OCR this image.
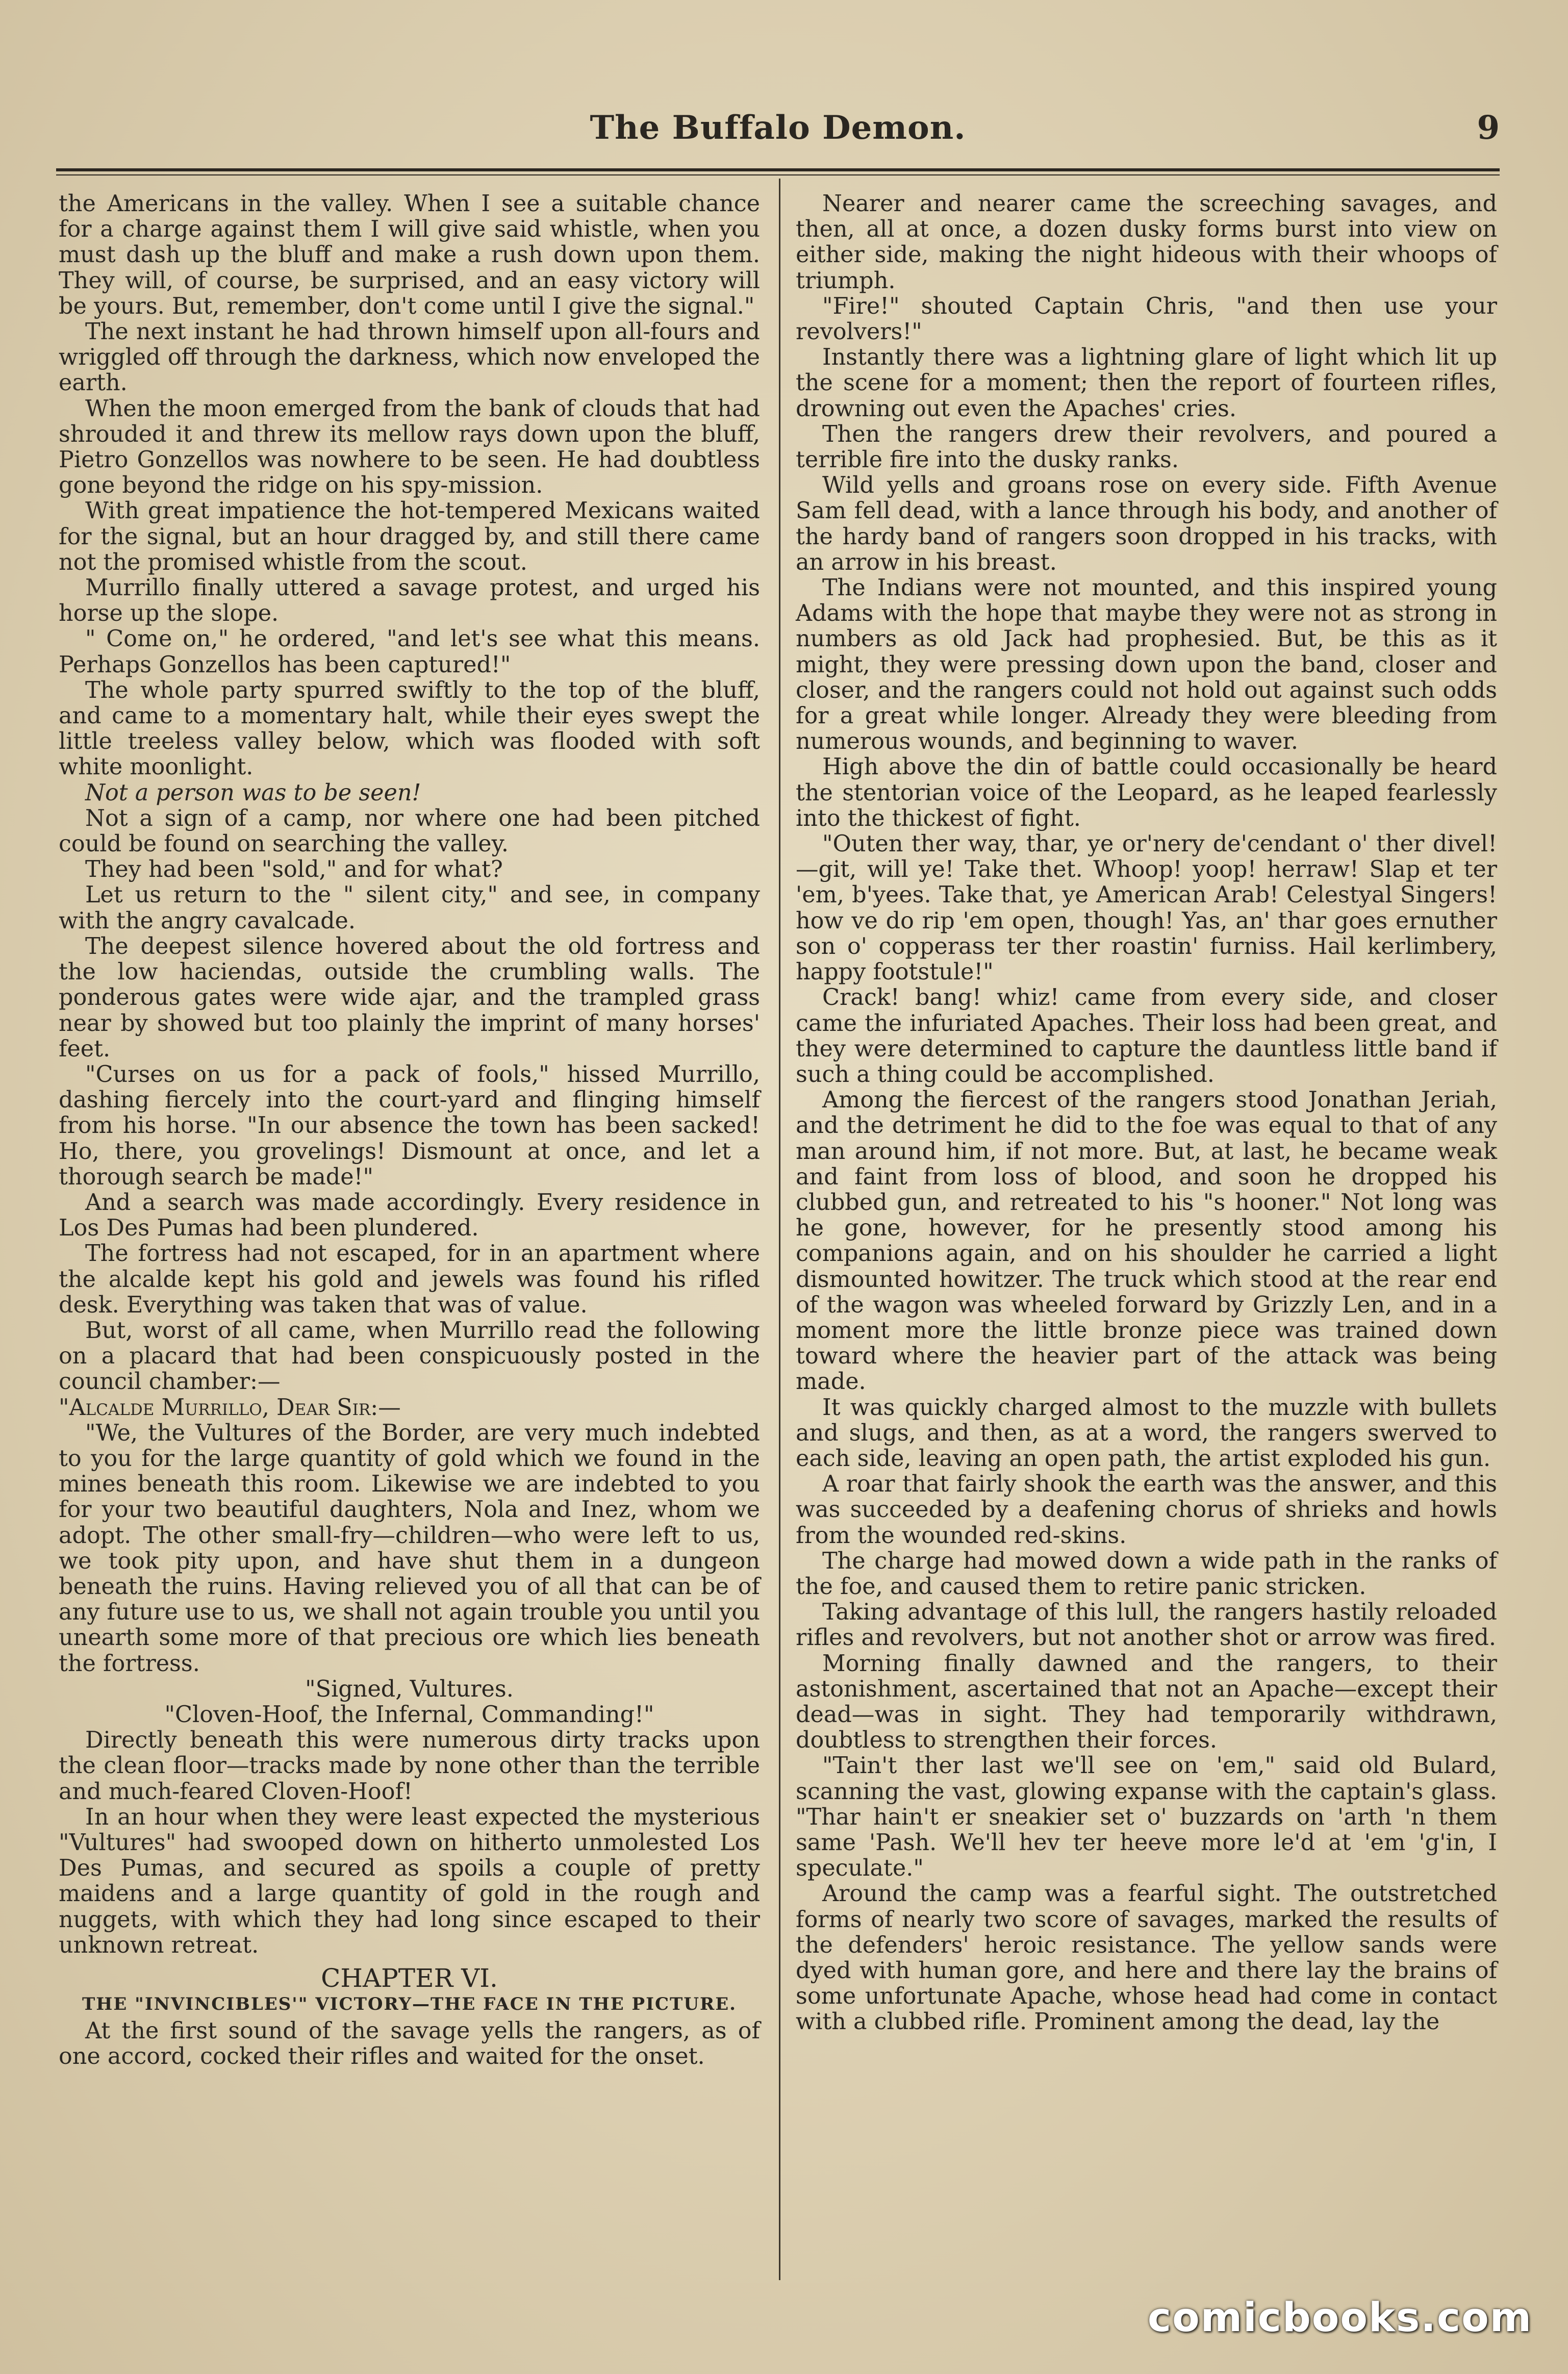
The Buffalo Demon.	9

the Americans in the valley. When I see a suitable chance for a charge against them I will give said whistle, when you must dash up the bluff and make a rush down upon them. They will, of course, be surprised, and an easy victory will be yours. But, remember, don't come until I give the signal."

The next instant he had thrown himself upon all-fours and wriggled off through the darkness, which now enveloped the earth.

When the moon emerged from the bank of clouds that had shrouded it and threw its mellow rays down upon the bluff, Pietro Gonzellos was nowhere to be seen. He had doubtless gone beyond the ridge on his spy-mission.

With great impatience the hot-tempered Mexicans waited for the signal, but an hour dragged by, and still there came not the promised whistle from the scout.

Murrillo finally uttered a savage protest, and urged his horse up the slope.

" Come on," he ordered, "and let's see what this means. Perhaps Gonzellos has been captured!"

The whole party spurred swiftly to the top of the bluff, and came to a momentary halt, while their eyes swept the little treeless valley below, which was flooded with soft white moonlight.

Not a person was to be seen!

Not a sign of a camp, nor where one had been pitched could be found on searching the valley.

They had been "sold," and for what?

Let us return to the " silent city," and see, in company with the angry cavalcade.

The deepest silence hovered about the old fortress and the low haciendas, outside the crumbling walls. The ponderous gates were wide ajar, and the trampled grass near by showed but too plainly the imprint of many horses' feet.

"Curses on us for a pack of fools," hissed Murrillo, dashing fiercely into the court-yard and flinging himself from his horse. "In our absence the town has been sacked! Ho, there, you grovelings! Dismount at once, and let a thorough search be made!"

And a search was made accordingly. Every residence in Los Des Pumas had been plundered.

The fortress had not escaped, for in an apartment where the alcalde kept his gold and jewels was found his rifled desk. Everything was taken that was of value.

But, worst of all came, when Murrillo read the following on a placard that had been conspicuously posted in the council chamber:—

"Alcalde Murrillo, Dear Sir:—

"We, the Vultures of the Border, are very much indebted to you for the large quantity of gold which we found in the mines beneath this room. Likewise we are indebted to you for your two beautiful daughters, Nola and Inez, whom we adopt. The other small-fry—children—who were left to us, we took pity upon, and have shut them in a dungeon beneath the ruins. Having relieved you of all that can be of any future use to us, we shall not again trouble you until you unearth some more of that precious ore which lies beneath the fortress.

"Signed, Vultures.

"Cloven-Hoof, the Infernal, Commanding!"

Directly beneath this were numerous dirty tracks upon the clean floor—tracks made by none other than the terrible and much-feared Cloven-Hoof!

In an hour when they were least expected the mysterious "Vultures" had swooped down on hitherto unmolested Los Des Pumas, and secured as spoils a couple of pretty maidens and a large quantity of gold in the rough and nuggets, with which they had long since escaped to their unknown retreat.

CHAPTER VI.
THE "INVINCIBLES'" VICTORY—THE FACE IN THE PICTURE.

At the first sound of the savage yells the rangers, as of one accord, cocked their rifles and waited for the onset.

Nearer and nearer came the screeching savages, and then, all at once, a dozen dusky forms burst into view on either side, making the night hideous with their whoops of triumph.

"Fire!" shouted Captain Chris, "and then use your revolvers!"

Instantly there was a lightning glare of light which lit up the scene for a moment; then the report of fourteen rifles, drowning out even the Apaches' cries.

Then the rangers drew their revolvers, and poured a terrible fire into the dusky ranks.

Wild yells and groans rose on every side. Fifth Avenue Sam fell dead, with a lance through his body, and another of the hardy band of rangers soon dropped in his tracks, with an arrow in his breast.

The Indians were not mounted, and this inspired young Adams with the hope that maybe they were not as strong in numbers as old Jack had prophesied. But, be this as it might, they were pressing down upon the band, closer and closer, and the rangers could not hold out against such odds for a great while longer. Already they were bleeding from numerous wounds, and beginning to waver.

High above the din of battle could occasionally be heard the stentorian voice of the Leopard, as he leaped fearlessly into the thickest of fight.

"Outen ther way, thar, ye or'nery de'cendant o' ther divel!—git, will ye! Take thet. Whoop! yoop! herraw! Slap et ter 'em, b'yees. Take that, ye American Arab! Celestyal Singers! how ve do rip 'em open, though! Yas, an' thar goes ernuther son o' copperass ter ther roastin' furniss. Hail kerlimbery, happy footstule!"

Crack! bang! whiz! came from every side, and closer came the infuriated Apaches. Their loss had been great, and they were determined to capture the dauntless little band if such a thing could be accomplished.

Among the fiercest of the rangers stood Jonathan Jeriah, and the detriment he did to the foe was equal to that of any man around him, if not more. But, at last, he became weak and faint from loss of blood, and soon he dropped his clubbed gun, and retreated to his "s hooner." Not long was he gone, however, for he presently stood among his companions again, and on his shoulder he carried a light dismounted howitzer. The truck which stood at the rear end of the wagon was wheeled forward by Grizzly Len, and in a moment more the little bronze piece was trained down toward where the heavier part of the attack was being made.

It was quickly charged almost to the muzzle with bullets and slugs, and then, as at a word, the rangers swerved to each side, leaving an open path, the artist exploded his gun.

A roar that fairly shook the earth was the answer, and this was succeeded by a deafening chorus of shrieks and howls from the wounded red-skins.

The charge had mowed down a wide path in the ranks of the foe, and caused them to retire panic stricken.

Taking advantage of this lull, the rangers hastily reloaded rifles and revolvers, but not another shot or arrow was fired.

Morning finally dawned and the rangers, to their astonishment, ascertained that not an Apache—except their dead—was in sight. They had temporarily withdrawn, doubtless to strengthen their forces.

"Tain't ther last we'll see on 'em," said old Bulard, scanning the vast, glowing expanse with the captain's glass. "Thar hain't er sneakier set o' buzzards on 'arth 'n them same 'Pash. We'll hev ter heeve more le'd at 'em 'g'in, I speculate."

Around the camp was a fearful sight. The outstretched forms of nearly two score of savages, marked the results of the defenders' heroic resistance. The yellow sands were dyed with human gore, and here and there lay the brains of some unfortunate Apache, whose head had come in contact with a clubbed rifle. Prominent among the dead, lay the

comicbooks.com
